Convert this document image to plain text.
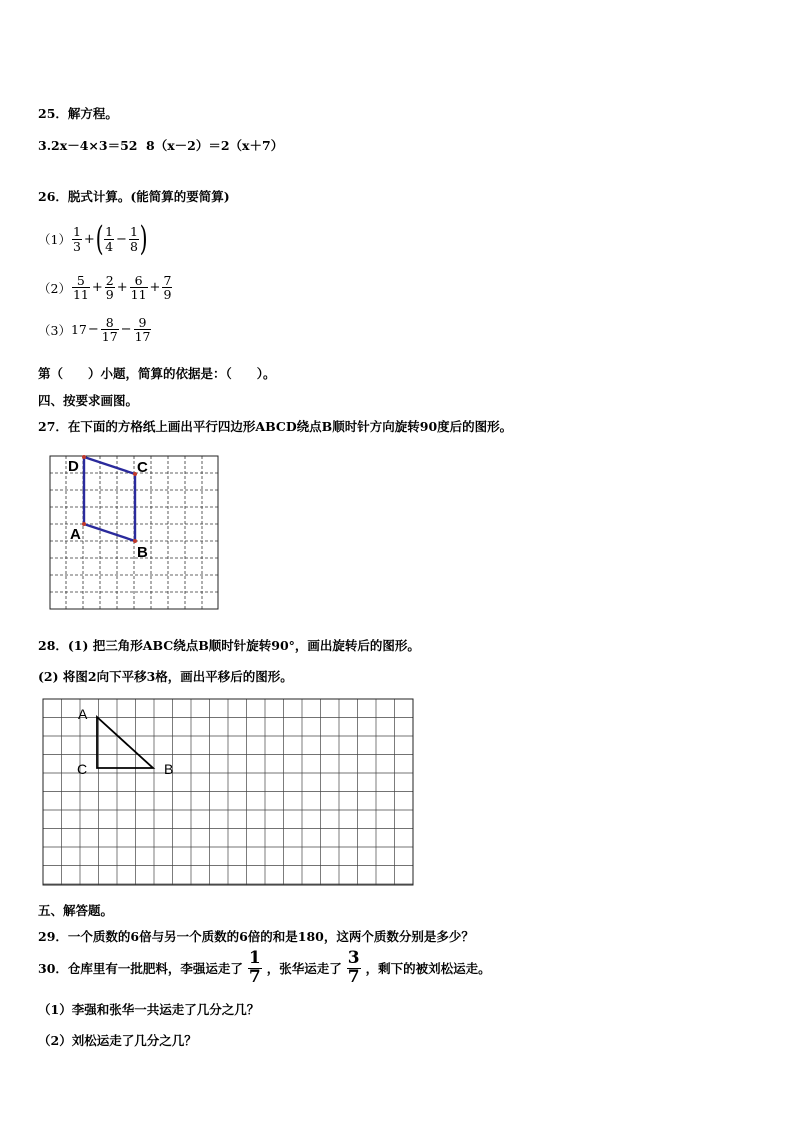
25．解方程。
3.2x－4×3＝52 8（x－2）＝2（x＋7）
26．脱式计算。(能简算的要简算)
$(1) \frac{1}{3}$ + ( $\frac{1}{4} - \frac{1}{8}$ )
$(2) \frac{5}{11} + \frac{2}{9} + \frac{6}{11} + \frac{7}{9}$
（3） $17 - \frac{8}{17} - \frac{9}{17}$
第（　　）小题，简算的依据是：（　　）。
四、按要求画图。
27．在下面的方格纸上画出平行四边形ABCD绕点B顺时针方向旋转90度后的图形。
D	C
A
B
28．(1) 把三角形ABC绕点B顺时针旋转90°，画出旋转后的图形。
(2) 将图2向下平移3格，画出平移后的图形。
A
C	B
五、解答题。
29．一个质数的6倍与另一个质数的6倍的和是180，这两个质数分别是多少？
30．仓库里有一批肥料，李强运走了 $\frac{1}{7}$ ，张华运走了 $\frac{3}{7}$ ，剩下的被刘松运走。
（1）李强和张华一共运走了几分之几？
（2）刘松运走了几分之几？
